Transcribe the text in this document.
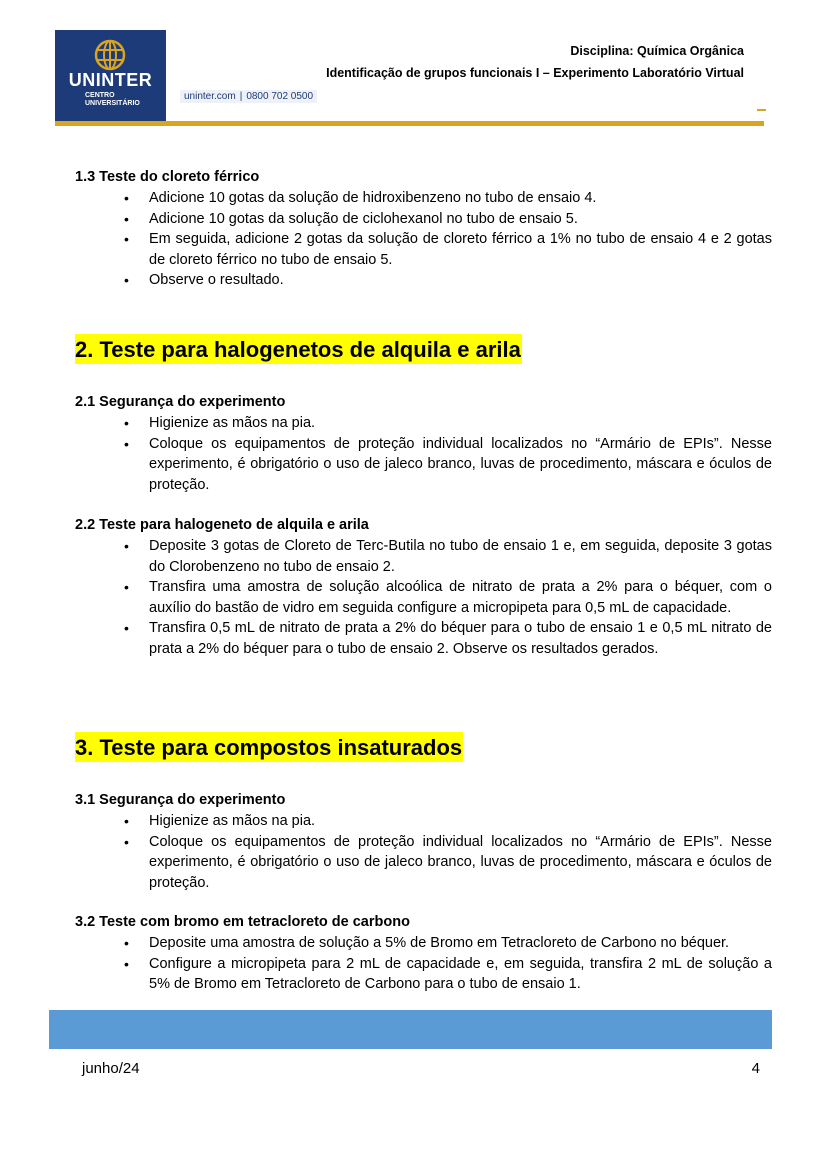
UNINTER
CENTRO
UNIVERSITÁRIO
uninter.com | 0800 702 0500
Disciplina: Química Orgânica
Identificação de grupos funcionais I – Experimento Laboratório Virtual
1.3 Teste do cloreto férrico
• Adicione 10 gotas da solução de hidroxibenzeno no tubo de ensaio 4.
• Adicione 10 gotas da solução de ciclohexanol no tubo de ensaio 5.
• Em seguida, adicione 2 gotas da solução de cloreto férrico a 1% no tubo de ensaio 4 e 2 gotas de cloreto férrico no tubo de ensaio 5.
• Observe o resultado.
2. Teste para halogenetos de alquila e arila
2.1 Segurança do experimento
• Higienize as mãos na pia.
• Coloque os equipamentos de proteção individual localizados no “Armário de EPIs”. Nesse experimento, é obrigatório o uso de jaleco branco, luvas de procedimento, máscara e óculos de proteção.
2.2 Teste para halogeneto de alquila e arila
• Deposite 3 gotas de Cloreto de Terc-Butila no tubo de ensaio 1 e, em seguida, deposite 3 gotas do Clorobenzeno no tubo de ensaio 2.
• Transfira uma amostra de solução alcoólica de nitrato de prata a 2% para o béquer, com o auxílio do bastão de vidro em seguida configure a micropipeta para 0,5 mL de capacidade.
• Transfira 0,5 mL de nitrato de prata a 2% do béquer para o tubo de ensaio 1 e 0,5 mL nitrato de prata a 2% do béquer para o tubo de ensaio 2. Observe os resultados gerados.
3. Teste para compostos insaturados
3.1 Segurança do experimento
• Higienize as mãos na pia.
• Coloque os equipamentos de proteção individual localizados no “Armário de EPIs”. Nesse experimento, é obrigatório o uso de jaleco branco, luvas de procedimento, máscara e óculos de proteção.
3.2 Teste com bromo em tetracloreto de carbono
• Deposite uma amostra de solução a 5% de Bromo em Tetracloreto de Carbono no béquer.
• Configure a micropipeta para 2 mL de capacidade e, em seguida, transfira 2 mL de solução a 5% de Bromo em Tetracloreto de Carbono para o tubo de ensaio 1.
junho/24	4
